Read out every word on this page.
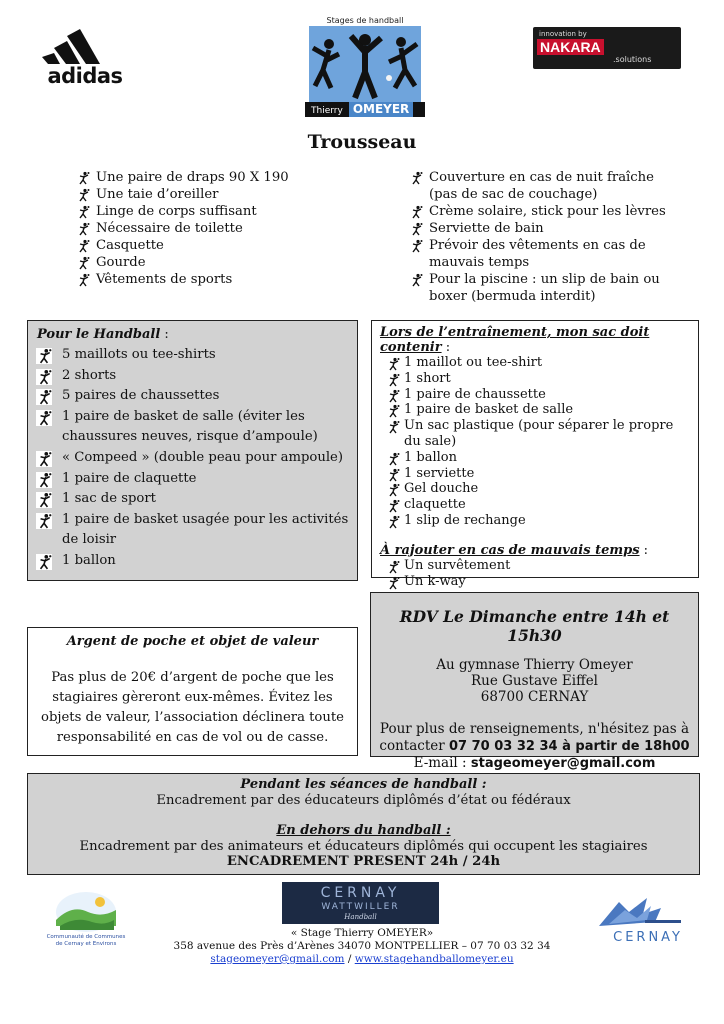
adidas
Stages de handball
Thierry OMEYER
innovation by
NAKARA
.solutions
Trousseau
Une paire de draps 90 X 190
Une taie d’oreiller
Linge de corps suffisant
Nécessaire de toilette
Casquette
Gourde
Vêtements de sports
Couverture en cas de nuit fraîche (pas de sac de couchage)
Crème solaire, stick pour les lèvres
Serviette de bain
Prévoir des vêtements en cas de mauvais temps
Pour la piscine : un slip de bain ou boxer (bermuda interdit)
Pour le Handball :
5 maillots ou tee-shirts
2 shorts
5 paires de chaussettes
1 paire de basket de salle (éviter les chaussures neuves, risque d’ampoule)
« Compeed » (double peau pour ampoule)
1 paire de claquette
1 sac de sport
1 paire de basket usagée pour les activités de loisir
1 ballon
Lors de l’entraînement, mon sac doit contenir :
1 maillot ou tee-shirt
1 short
1 paire de chaussette
1 paire de basket de salle
Un sac plastique (pour séparer le propre du sale)
1 ballon
1 serviette
Gel douche
claquette
1 slip de rechange
À rajouter en cas de mauvais temps :
Un survêtement
Un k-way
Argent de poche et objet de valeur
Pas plus de 20€ d’argent de poche que les stagiaires gèreront eux-mêmes. Évitez les objets de valeur, l’association déclinera toute responsabilité en cas de vol ou de casse.
RDV Le Dimanche entre 14h et 15h30
Au gymnase Thierry Omeyer
Rue Gustave Eiffel
68700 CERNAY
Pour plus de renseignements, n'hésitez pas à
contacter 07 70 03 32 34 à partir de 18h00
E-mail : stageomeyer@gmail.com
Pendant les séances de handball :
Encadrement par des éducateurs diplômés d’état ou fédéraux
En dehors du handball :
Encadrement par des animateurs et éducateurs diplômés qui occupent les stagiaires
ENCADREMENT PRESENT 24h / 24h
Communauté de Communes
de Cernay et Environs
CERNAY
WATTWILLER
Handball
CERNAY
« Stage Thierry OMEYER»
358 avenue des Près d’Arènes 34070 MONTPELLIER – 07 70 03 32 34
stageomeyer@gmail.com / www.stagehandballomeyer.eu
